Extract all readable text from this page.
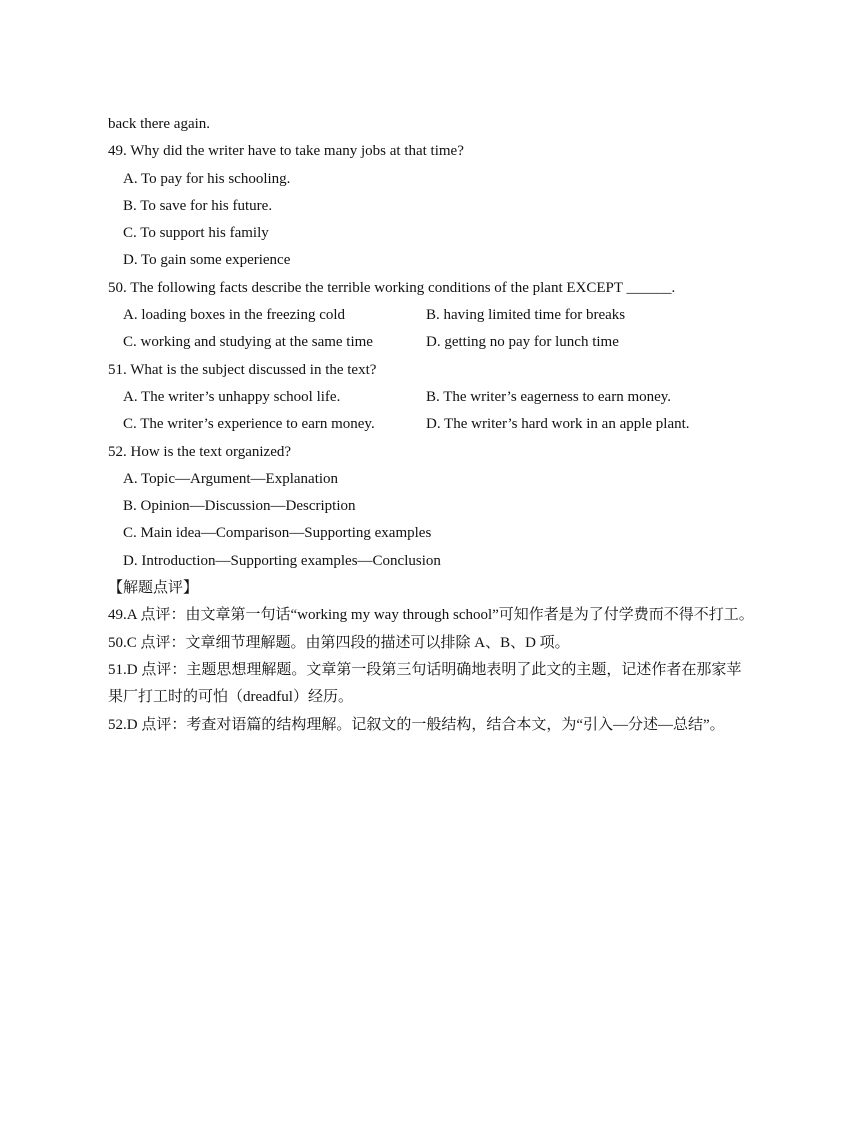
back there again.
49. Why did the writer have to take many jobs at that time?
A. To pay for his schooling.
B. To save for his future.
C. To support his family
D. To gain some experience
50. The following facts describe the terrible working conditions of the plant EXCEPT ______.
A. loading boxes in the freezing cold	B. having limited time for breaks
C. working and studying at the same time	D. getting no pay for lunch time
51. What is the subject discussed in the text?
A. The writer’s unhappy school life.	B. The writer’s eagerness to earn money.
C. The writer’s experience to earn money.	D. The writer’s hard work in an apple plant.
52. How is the text organized?
A. Topic—Argument—Explanation
B. Opinion—Discussion—Description
C. Main idea—Comparison—Supporting examples
D. Introduction—Supporting examples—Conclusion
【解题点评】
49.A 点评：由文章第一句话“working my way through school”可知作者是为了付学费而不得不打工。
50.C 点评：文章细节理解题。由第四段的描述可以排除 A、B、D 项。
51.D 点评：主题思想理解题。文章第一段第三句话明确地表明了此文的主题，记述作者在那家苹果厂打工时的可怕（dreadful）经历。
52.D 点评：考查对语篇的结构理解。记叙文的一般结构，结合本文，为“引入—分述—总结”。
